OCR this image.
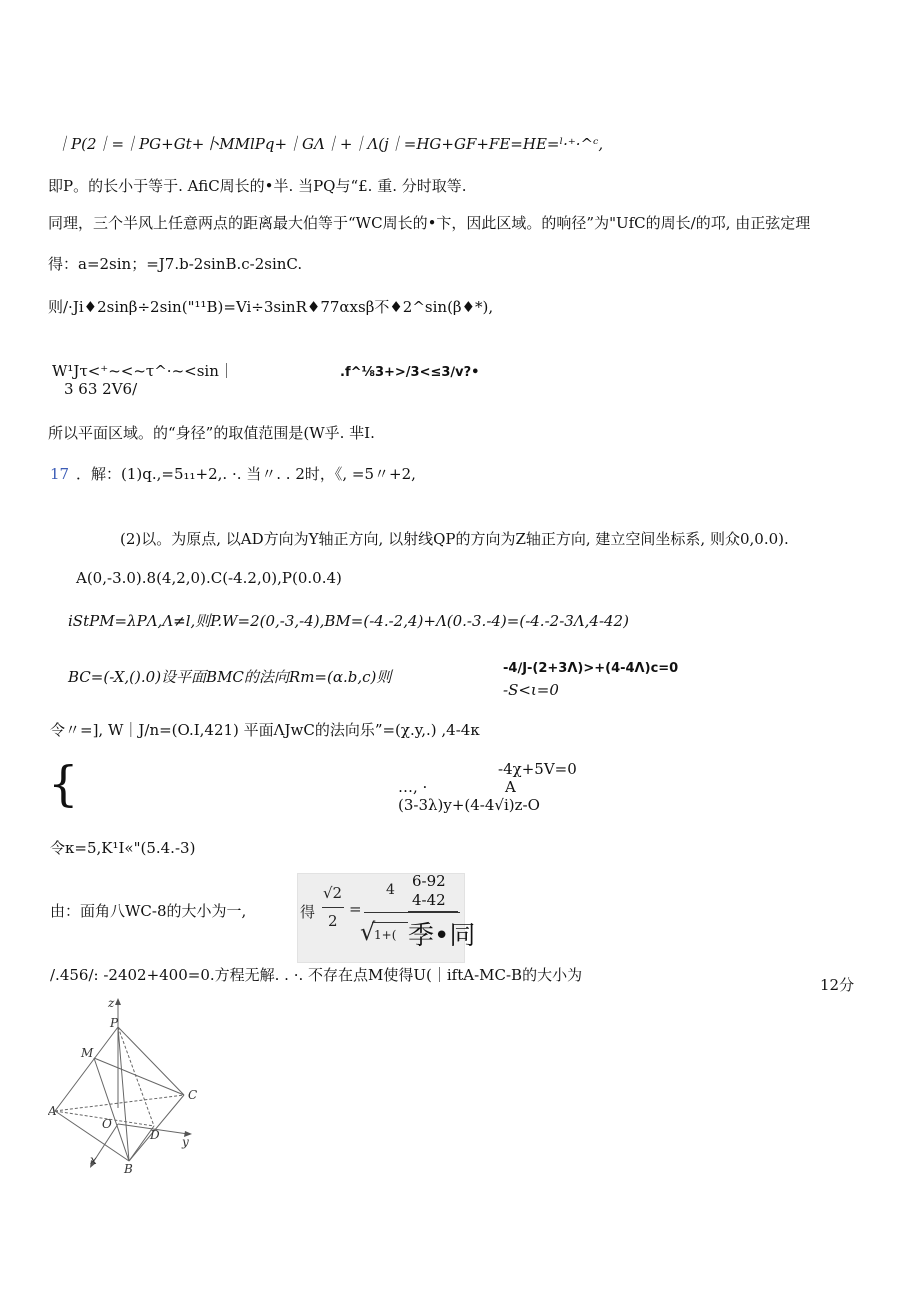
｜P(2｜=｜PG+Gt+卜MMlPq+｜GΛ｜+｜Λ(j｜=HG+GF+FE=HE=ˡ·⁺·^ᶜ,
即P。的长小于等于. AfiC周长的•半. 当PQ与“£. 重. 分时取等.
同理，三个半风上任意两点的距离最大伯等于“WC周长的•卞，因此区域。的响径”为"UfC的周长/的邛, 由正弦定理
得：a=2sin；=J7.b-2sinB.c-2sinC.
则/·Ji♦2sinβ÷2sin("¹¹B)=Vi÷3sinR♦77αxsβ不♦2^sin(β♦*),
W¹Jτ<⁺~<~τ^·~<sin｜
3 63 2V6/
.f^⅛3+>/3<≤3∕v?•
所以平面区域。的“身径”的取值范围是(W乎. 芈I.
17 ．解：(1)q.,=5₁₁+2,. ·. 当〃. . 2时，《, =5〃+2,
(2)以。为原点, 以AD方向为Y轴正方向, 以射线QP的方向为Z轴正方向, 建立空间坐标系, 则众0,0.0).
A(0,-3.0).8(4,2,0).C(-4.2,0),P(0.0.4)
iStPM=λPΛ,Λ≠l,则P.W=2(0,-3,-4),BM=(-4.-2,4)+Λ(0.-3.-4)=(-4.-2-3Λ,4-42)
BC=(-X,().0)设平面BMC的法向Rm=(α.b,c)则	-4∕J-(2+3Λ)>+(4-4Λ)c=0
-S<ι=0
令〃=], W｜J∕n=(O.I,421) 平面ΛJwC的法向乐”=(χ.y,.) ,4-4κ
{	-4χ+5V=0
…, ·	A
(3-3λ)y+(4-4√i)z-O
令κ=5,K¹I«"(5.4.-3)
由：面角八WC-8的大小为一,	得
√2
2
=
4
√
1+(
6-92
4-42
季•同
/.456/: -2402+400=0.方程无解. . ·. 不存在点M使得U(｜iftA-MC-B的大小为
12分
z
P
M
C
A
O
D y
x
B
